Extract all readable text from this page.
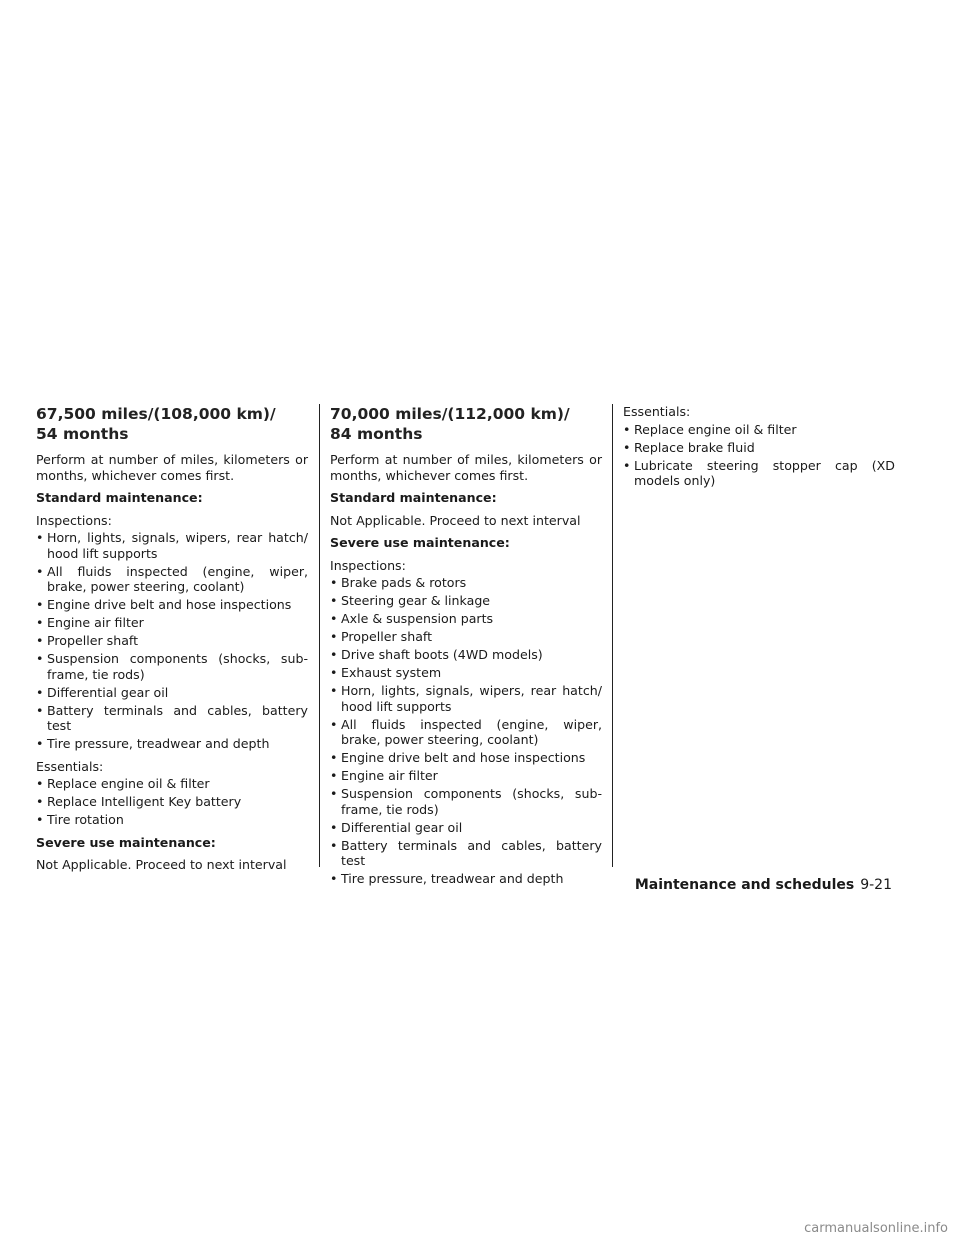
67,500 miles/(108,000 km)/
54 months

Perform at number of miles, kilometers or months, whichever comes first.

Standard maintenance:

Inspections:

• Horn, lights, signals, wipers, rear hatch/ hood lift supports
• All fluids inspected (engine, wiper, brake, power steering, coolant)
• Engine drive belt and hose inspections
• Engine air filter
• Propeller shaft
• Suspension components (shocks, sub-frame, tie rods)
• Differential gear oil
• Battery terminals and cables, battery test
• Tire pressure, treadwear and depth

Essentials:

• Replace engine oil & filter
• Replace Intelligent Key battery
• Tire rotation

Severe use maintenance:

Not Applicable. Proceed to next interval

70,000 miles/(112,000 km)/
84 months

Perform at number of miles, kilometers or months, whichever comes first.

Standard maintenance:

Not Applicable. Proceed to next interval

Severe use maintenance:

Inspections:

• Brake pads & rotors
• Steering gear & linkage
• Axle & suspension parts
• Propeller shaft
• Drive shaft boots (4WD models)
• Exhaust system
• Horn, lights, signals, wipers, rear hatch/ hood lift supports
• All fluids inspected (engine, wiper, brake, power steering, coolant)
• Engine drive belt and hose inspections
• Engine air filter
• Suspension components (shocks, sub-frame, tie rods)
• Differential gear oil
• Battery terminals and cables, battery test
• Tire pressure, treadwear and depth

Essentials:

• Replace engine oil & filter
• Replace brake fluid
• Lubricate steering stopper cap (XD models only)
Maintenance and schedules 9-21
carmanualsonline.info
